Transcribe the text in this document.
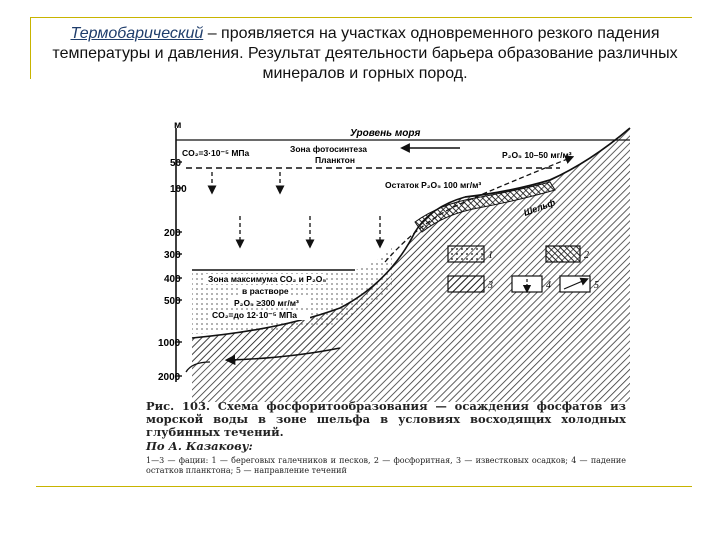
Термобарический – проявляется на участках одновременного резкого падения температуры и давления. Результат деятельности барьера образование различных минералов и горных пород.
м
50
100
200
300
400
500
1000
2000
Уровень моря
CO₂=3·10⁻⁵ МПа	Зона фотосинтеза
Планктон	P₂O₅ 10–50 мг/м³
Остаток P₂O₅ 100 мг/м³
Шельф
Зона максимума CO₂ и P₂O₅
в растворе
P₂O₅ ≥300 мг/м³
CO₂=до 12·10⁻⁵ МПа
1	2
3	4	5
Рис. 103. Схема фосфоритообразования — осаждения фосфатов из морской воды в зоне шельфа в условиях восходящих холодных глубинных течений.
По А. Казакову:
1—3 — фации: 1 — береговых галечников и песков, 2 — фосфоритная, 3 — известковых осадков; 4 — падение остатков планктона; 5 — направление течений
